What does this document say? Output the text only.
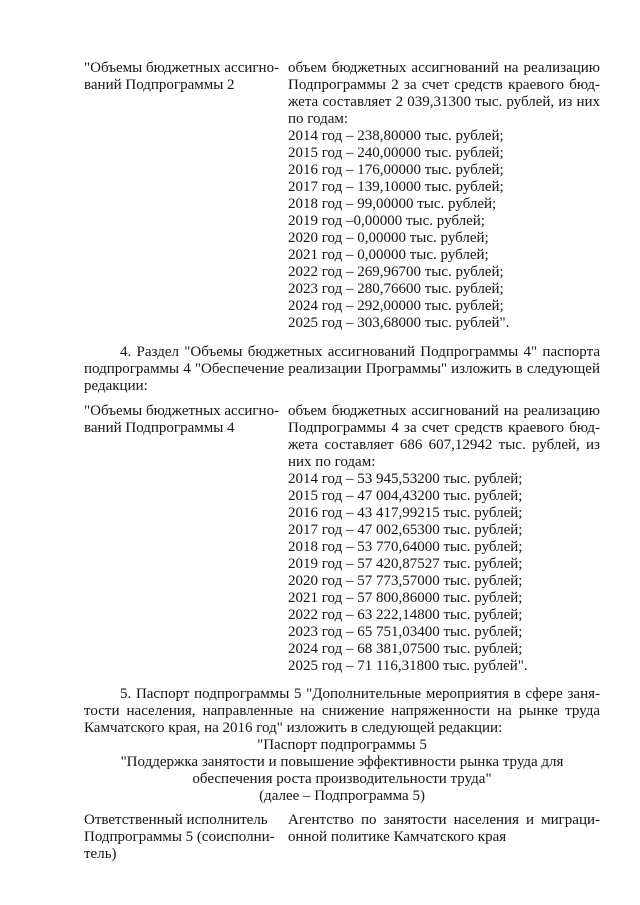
"Объемы бюджетных ассигно-
ваний Подпрограммы 2
объем бюджетных ассигнований на реализацию
Подпрограммы 2 за счет средств краевого бюд-
жета составляет 2 039,31300 тыс. рублей, из них
по годам:
2014 год – 238,80000 тыс. рублей;
2015 год – 240,00000 тыс. рублей;
2016 год – 176,00000 тыс. рублей;
2017 год – 139,10000 тыс. рублей;
2018 год – 99,00000 тыс. рублей;
2019 год –0,00000 тыс. рублей;
2020 год – 0,00000 тыс. рублей;
2021 год – 0,00000 тыс. рублей;
2022 год – 269,96700 тыс. рублей;
2023 год – 280,76600 тыс. рублей;
2024 год – 292,00000 тыс. рублей;
2025 год – 303,68000 тыс. рублей".
4. Раздел "Объемы бюджетных ассигнований Подпрограммы 4" паспорта
подпрограммы 4 "Обеспечение реализации Программы" изложить в следующей
редакции:
"Объемы бюджетных ассигно-
ваний Подпрограммы 4
объем бюджетных ассигнований на реализацию
Подпрограммы 4 за счет средств краевого бюд-
жета составляет 686 607,12942 тыс. рублей, из
них по годам:
2014 год – 53 945,53200 тыс. рублей;
2015 год – 47 004,43200 тыс. рублей;
2016 год – 43 417,99215 тыс. рублей;
2017 год – 47 002,65300 тыс. рублей;
2018 год – 53 770,64000 тыс. рублей;
2019 год – 57 420,87527 тыс. рублей;
2020 год – 57 773,57000 тыс. рублей;
2021 год – 57 800,86000 тыс. рублей;
2022 год – 63 222,14800 тыс. рублей;
2023 год – 65 751,03400 тыс. рублей;
2024 год – 68 381,07500 тыс. рублей;
2025 год – 71 116,31800 тыс. рублей".
5. Паспорт подпрограммы 5 "Дополнительные мероприятия в сфере заня-
тости населения, направленные на снижение напряженности на рынке труда
Камчатского края, на 2016 год" изложить в следующей редакции:
"Паспорт подпрограммы 5
"Поддержка занятости и повышение эффективности рынка труда для
обеспечения роста производительности труда"
(далее – Подпрограмма 5)
Ответственный исполнитель
Подпрограммы 5 (соисполни-
тель)
Агентство по занятости населения и миграци-
онной политике Камчатского края
